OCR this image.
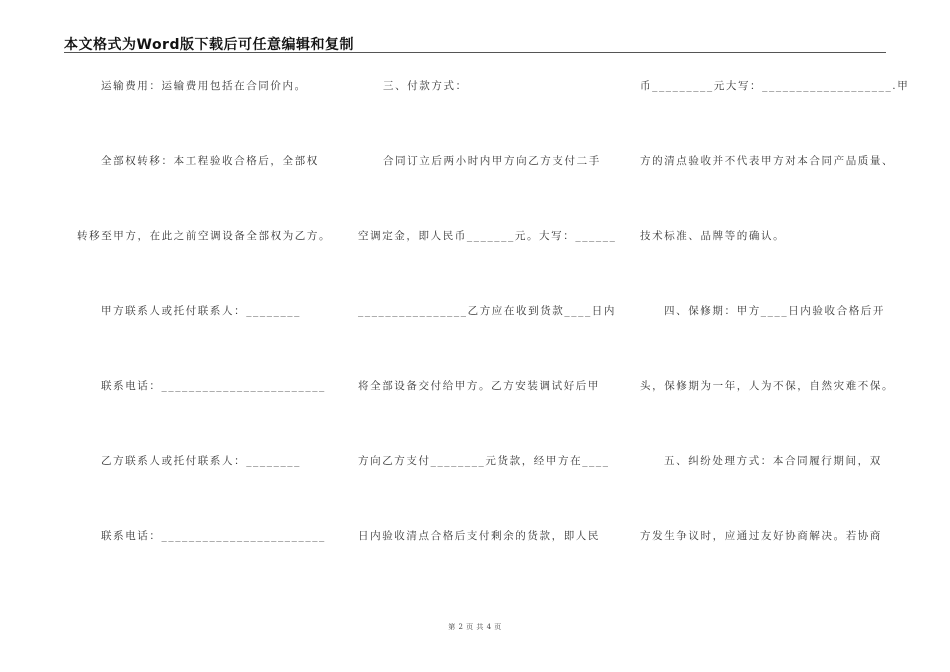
本文格式为Word版下载后可任意编辑和复制
运输费用：运输费用包括在合同价内。
全部权转移：本工程验收合格后，全部权
转移至甲方，在此之前空调设备全部权为乙方。
甲方联系人或托付联系人：________
联系电话：________________________
乙方联系人或托付联系人：________
联系电话：________________________
三、付款方式：
合同订立后两小时内甲方向乙方支付二手
空调定金，即人民币_______元。大写：______
________________乙方应在收到货款____日内
将全部设备交付给甲方。乙方安装调试好后甲
方向乙方支付________元货款，经甲方在____
日内验收清点合格后支付剩余的货款，即人民
币_________元大写：___________________.甲
方的清点验收并不代表甲方对本合同产品质量、
技术标准、品牌等的确认。
四、保修期：甲方____日内验收合格后开
头，保修期为一年，人为不保，自然灾难不保。
五、纠纷处理方式：本合同履行期间，双
方发生争议时，应通过友好协商解决。若协商
第 2 页 共 4 页
